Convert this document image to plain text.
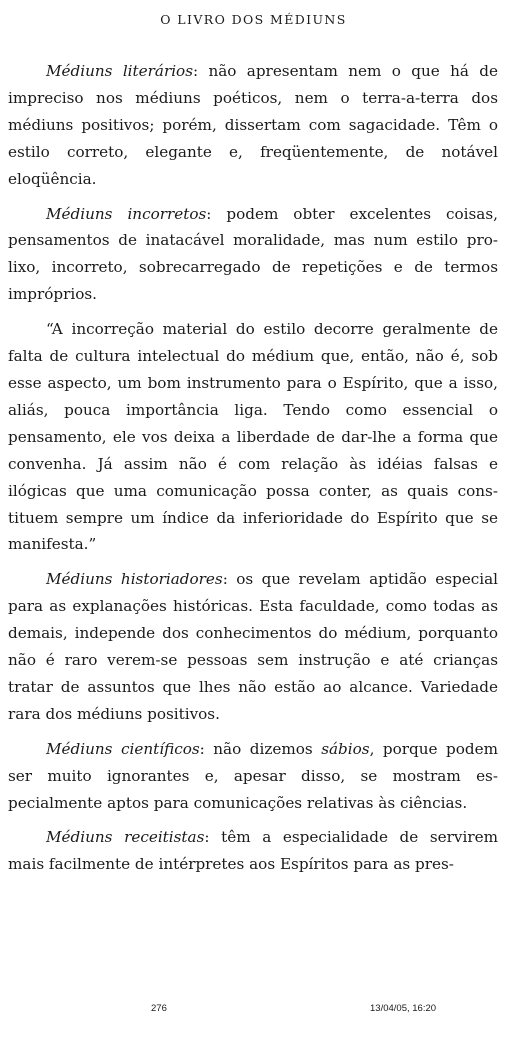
O LIVRO DOS MÉDIUNS

Médiuns literários: não apresentam nem o que há de impreciso nos médiuns poéticos, nem o terra-a-terra dos médiuns positivos; porém, dissertam com sagacidade. Têm o estilo correto, elegante e, freqüentemente, de notável eloqüência.

Médiuns incorretos: podem obter excelentes coisas, pensamentos de inatacável moralidade, mas num estilo prolixo, incorreto, sobrecarregado de repetições e de termos impróprios.

“A incorreção material do estilo decorre geralmente de falta de cultura intelectual do médium que, então, não é, sob esse aspecto, um bom instrumento para o Espírito, que a isso, aliás, pouca importância liga. Tendo como essencial o pensamento, ele vos deixa a liberdade de dar-lhe a forma que convenha. Já assim não é com relação às idéias falsas e ilógicas que uma comunicação possa conter, as quais constituem sempre um índice da inferioridade do Espírito que se manifesta.”

Médiuns historiadores: os que revelam aptidão especial para as explanações históricas. Esta faculdade, como todas as demais, independe dos conhecimentos do médium, porquanto não é raro verem-se pessoas sem instrução e até crianças tratar de assuntos que lhes não estão ao alcance. Variedade rara dos médiuns positivos.

Médiuns científicos: não dizemos sábios, porque podem ser muito ignorantes e, apesar disso, se mostram especialmente aptos para comunicações relativas às ciências.

Médiuns receitistas: têm a especialidade de servirem mais facilmente de intérpretes aos Espíritos para as pres-

276	13/04/05, 16:20
